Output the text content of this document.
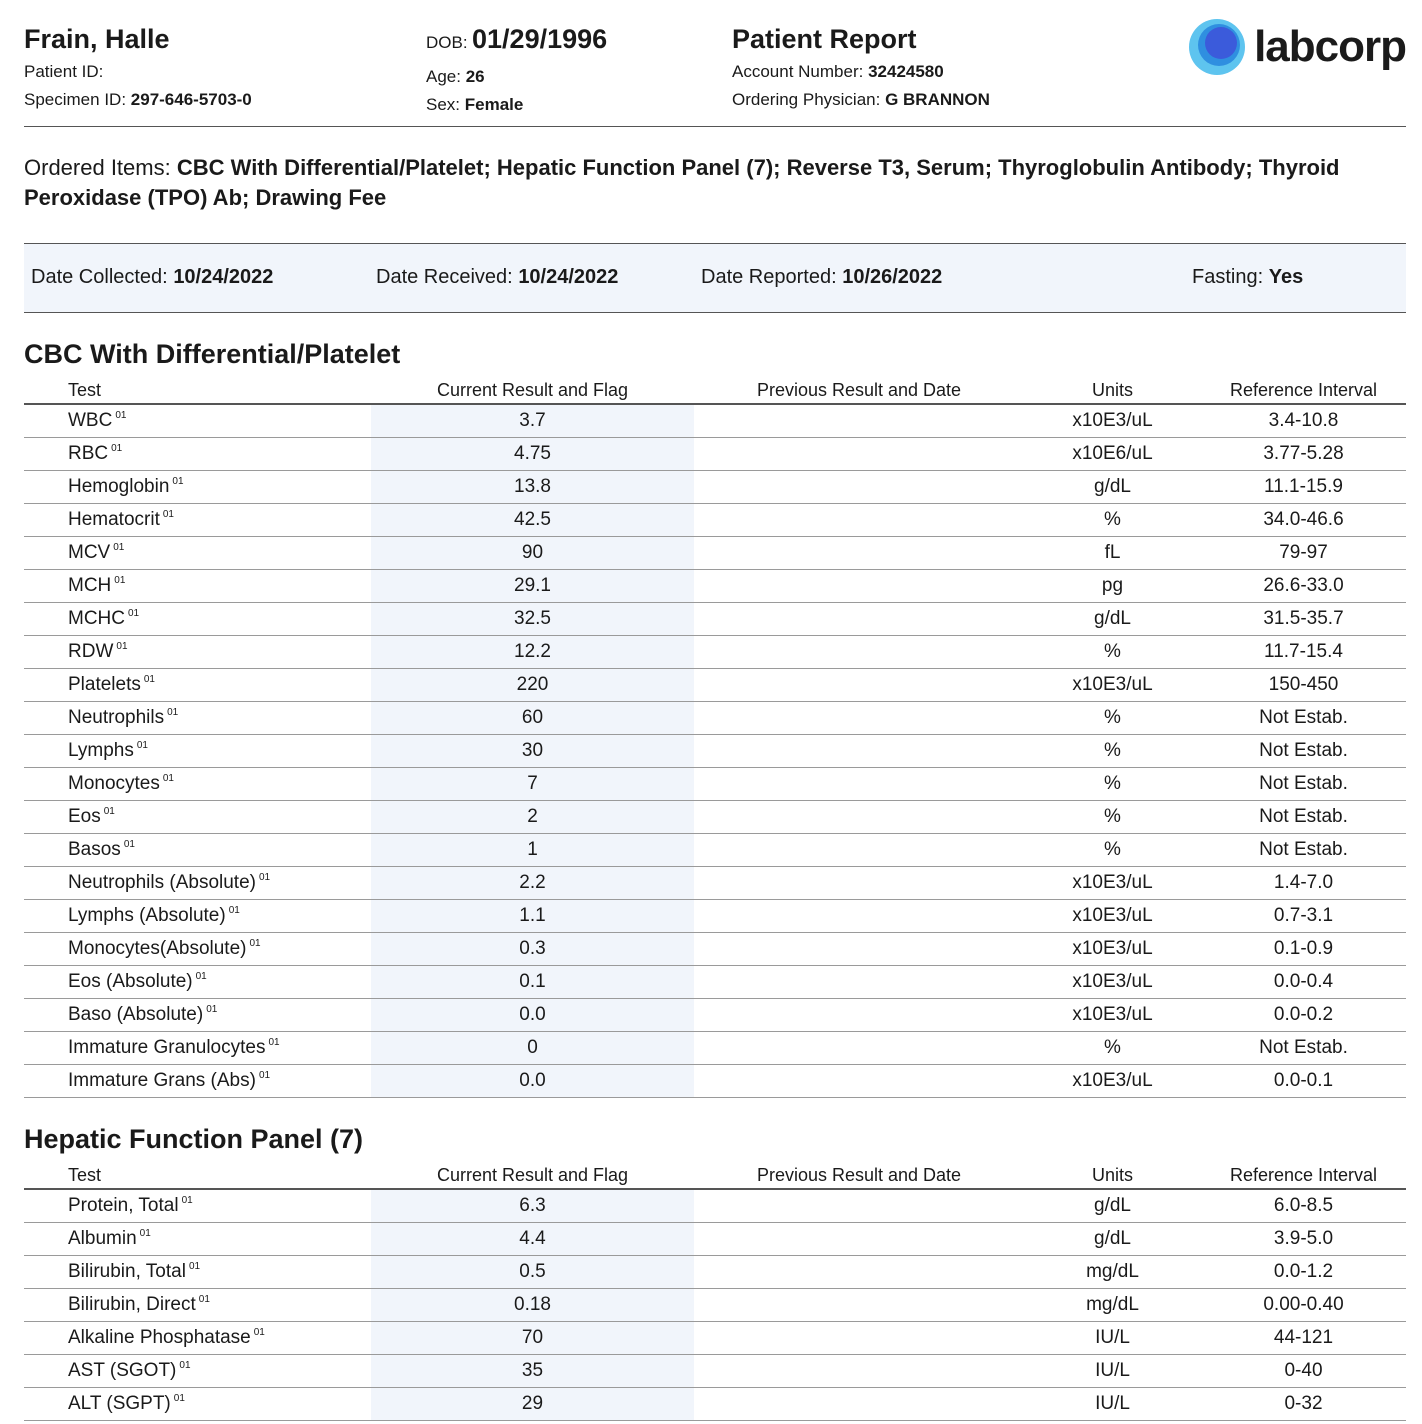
Frain, Halle
Patient ID:
Specimen ID: 297-646-5703-0
DOB: 01/29/1996
Age: 26
Sex: Female
Patient Report
Account Number: 32424580
Ordering Physician: G BRANNON
labcorp
Ordered Items: CBC With Differential/Platelet; Hepatic Function Panel (7); Reverse T3, Serum; Thyroglobulin Antibody; Thyroid Peroxidase (TPO) Ab; Drawing Fee
Date Collected: 10/24/2022	Date Received: 10/24/2022	Date Reported: 10/26/2022	Fasting: Yes
CBC With Differential/Platelet
Test	Current Result and Flag	Previous Result and Date	Units	Reference Interval
WBC $^{01}$	3.7		x10E3/uL	3.4-10.8
RBC $^{01}$	4.75		x10E6/uL	3.77-5.28
Hemoglobin $^{01}$	13.8		g/dL	11.1-15.9
Hematocrit $^{01}$	42.5		%	34.0-46.6
MCV $^{01}$	90		fL	79-97
MCH $^{01}$	29.1		pg	26.6-33.0
MCHC $^{01}$	32.5		g/dL	31.5-35.7
RDW $^{01}$	12.2		%	11.7-15.4
Platelets $^{01}$	220		x10E3/uL	150-450
Neutrophils $^{01}$	60		%	Not Estab.
Lymphs $^{01}$	30		%	Not Estab.
Monocytes $^{01}$	7		%	Not Estab.
Eos $^{01}$	2		%	Not Estab.
Basos $^{01}$	1		%	Not Estab.
Neutrophils (Absolute) $^{01}$	2.2		x10E3/uL	1.4-7.0
Lymphs (Absolute) $^{01}$	1.1		x10E3/uL	0.7-3.1
Monocytes(Absolute) $^{01}$	0.3		x10E3/uL	0.1-0.9
Eos (Absolute) $^{01}$	0.1		x10E3/uL	0.0-0.4
Baso (Absolute) $^{01}$	0.0		x10E3/uL	0.0-0.2
Immature Granulocytes $^{01}$	0		%	Not Estab.
Immature Grans (Abs) $^{01}$	0.0		x10E3/uL	0.0-0.1
Hepatic Function Panel (7)
Test	Current Result and Flag	Previous Result and Date	Units	Reference Interval
Protein, Total $^{01}$	6.3		g/dL	6.0-8.5
Albumin $^{01}$	4.4		g/dL	3.9-5.0
Bilirubin, Total $^{01}$	0.5		mg/dL	0.0-1.2
Bilirubin, Direct $^{01}$	0.18		mg/dL	0.00-0.40
Alkaline Phosphatase $^{01}$	70		IU/L	44-121
AST (SGOT) $^{01}$	35		IU/L	0-40
ALT (SGPT) $^{01}$	29		IU/L	0-32
